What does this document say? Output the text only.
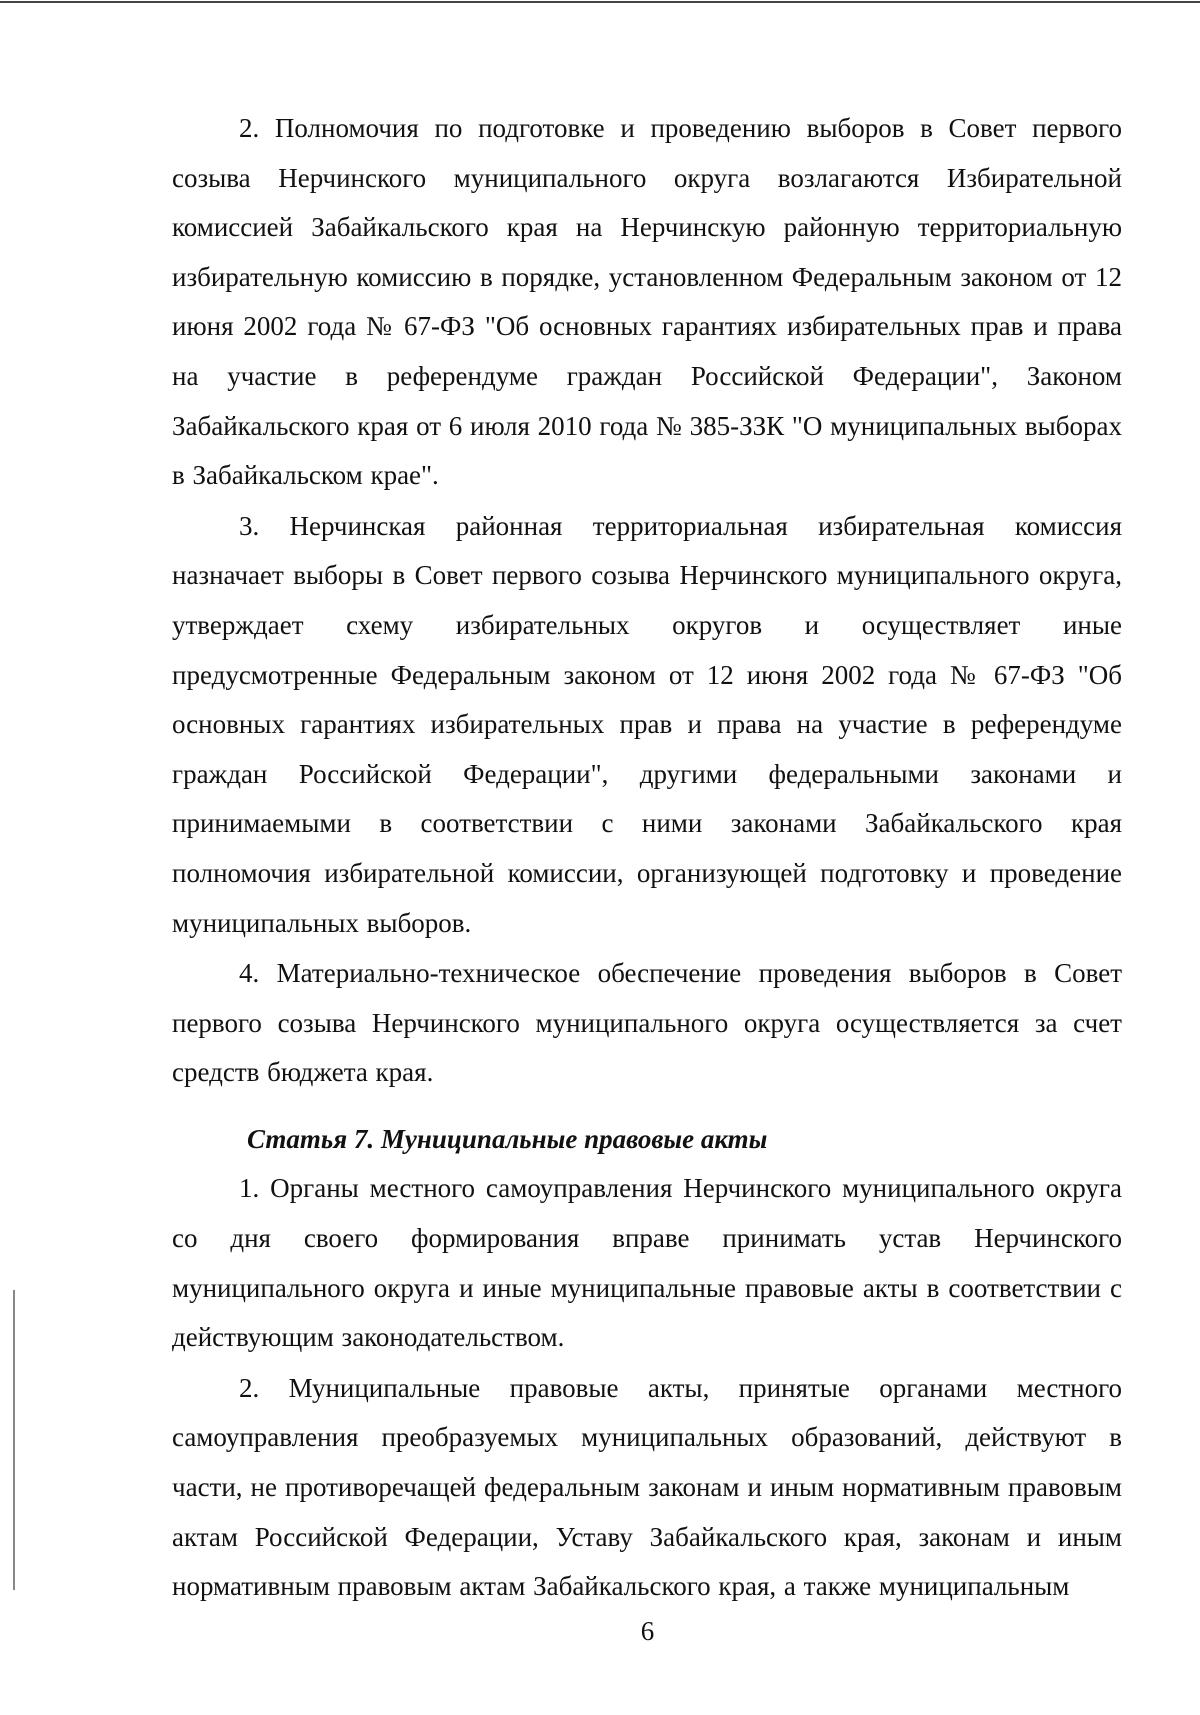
2. Полномочия по подготовке и проведению выборов в Совет первого созыва Нерчинского муниципального округа возлагаются Избирательной комиссией Забайкальского края на Нерчинскую районную территориальную избирательную комиссию в порядке, установленном Федеральным законом от 12 июня 2002 года № 67-ФЗ "Об основных гарантиях избирательных прав и права на участие в референдуме граждан Российской Федерации", Законом Забайкальского края от 6 июля 2010 года № 385-ЗЗК "О муниципальных выборах в Забайкальском крае".

3. Нерчинская районная территориальная избирательная комиссия назначает выборы в Совет первого созыва Нерчинского муниципального округа, утверждает схему избирательных округов и осуществляет иные предусмотренные Федеральным законом от 12 июня 2002 года № 67-ФЗ "Об основных гарантиях избирательных прав и права на участие в референдуме граждан Российской Федерации", другими федеральными законами и принимаемыми в соответствии с ними законами Забайкальского края полномочия избирательной комиссии, организующей подготовку и проведение муниципальных выборов.

4. Материально-техническое обеспечение проведения выборов в Совет первого созыва Нерчинского муниципального округа осуществляется за счет средств бюджета края.

Статья 7. Муниципальные правовые акты

1. Органы местного самоуправления Нерчинского муниципального округа со дня своего формирования вправе принимать устав Нерчинского муниципального округа и иные муниципальные правовые акты в соответствии с действующим законодательством.

2. Муниципальные правовые акты, принятые органами местного самоуправления преобразуемых муниципальных образований, действуют в части, не противоречащей федеральным законам и иным нормативным правовым актам Российской Федерации, Уставу Забайкальского края, законам и иным нормативным правовым актам Забайкальского края, а также муниципальным

6
